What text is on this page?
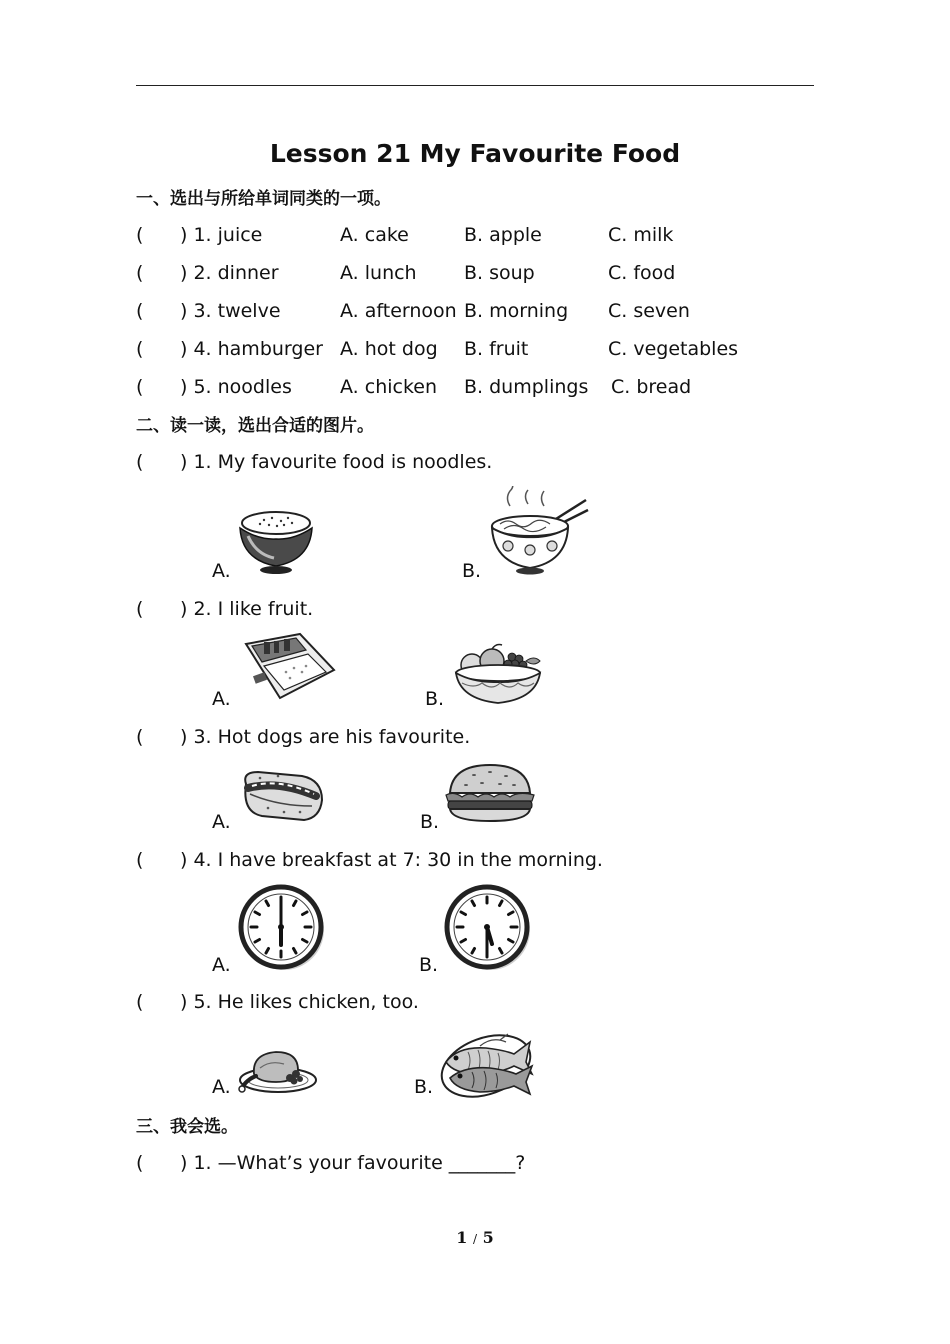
Lesson 21 My Favourite Food
一、选出与所给单词同类的一项。
( ) 1. juice	A. cake	B. apple	C. milk
( ) 2. dinner	A. lunch B. soup	C. food
( ) 3. twelve	A. afternoon B. morning C. seven
( ) 4. hamburger A. hot dog B. fruit	C. vegetables
( ) 5. noodles	A. chicken B. dumplings C. bread
二、读一读，选出合适的图片。
( ) 1. My favourite food is noodles.
A.	B.
( ) 2. I like fruit.
A.	B.
( ) 3. Hot dogs are his favourite.
A.	B.
( ) 4. I have breakfast at 7: 30 in the morning.
A.	B.
( ) 5. He likes chicken, too.
A.	B.
三、我会选。
( ) 1. —What’s your favourite _______?
1 / 5
